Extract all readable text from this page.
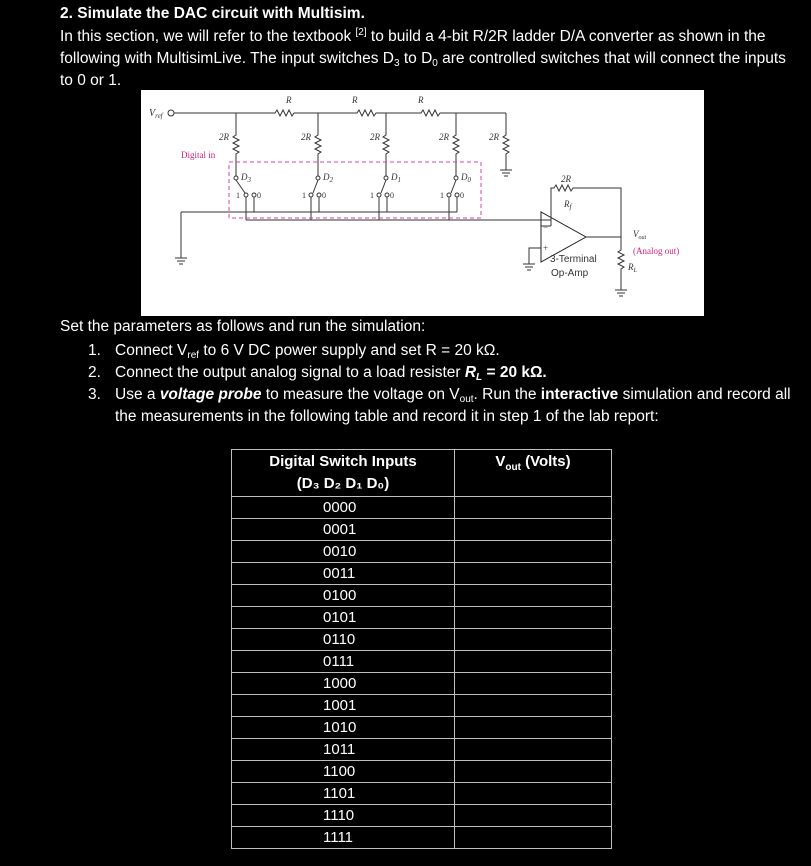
2. Simulate the DAC circuit with Multisim.
In this section, we will refer to the textbook [2] to build a 4-bit R/2R ladder D/A converter as shown in the following with MultisimLive. The input switches $D_3$ to $D_0$ are controlled switches that will connect the inputs to 0 or 1.
$V_{ref}$
Digital in
R	R	R
2R	2R	2R	2R	2R
$D_3$	$D_2$	$D_1$	$D_0$
1 0	1 0	1 0	1 0
2R
$R_f$
−
+
3-Terminal
Op-Amp
$V_{out}$
(Analog out)
$R_L$
Set the parameters as follows and run the simulation:
1. Connect $V_{ref}$ to 6 V DC power supply and set R = 20 kΩ.
2. Connect the output analog signal to a load resister $R_L = 20$ kΩ.
3. Use a voltage probe to measure the voltage on $V_{out}$. Run the interactive simulation and record all the measurements in the following table and record it in step 1 of the lab report:
Digital Switch Inputs
(D₃ D₂ D₁ D₀)	$V_{out}$ (Volts)
0000	
0001	
0010	
0011	
0100	
0101	
0110	
0111	
1000	
1001	
1010	
1011	
1100	
1101	
1110	
1111	
